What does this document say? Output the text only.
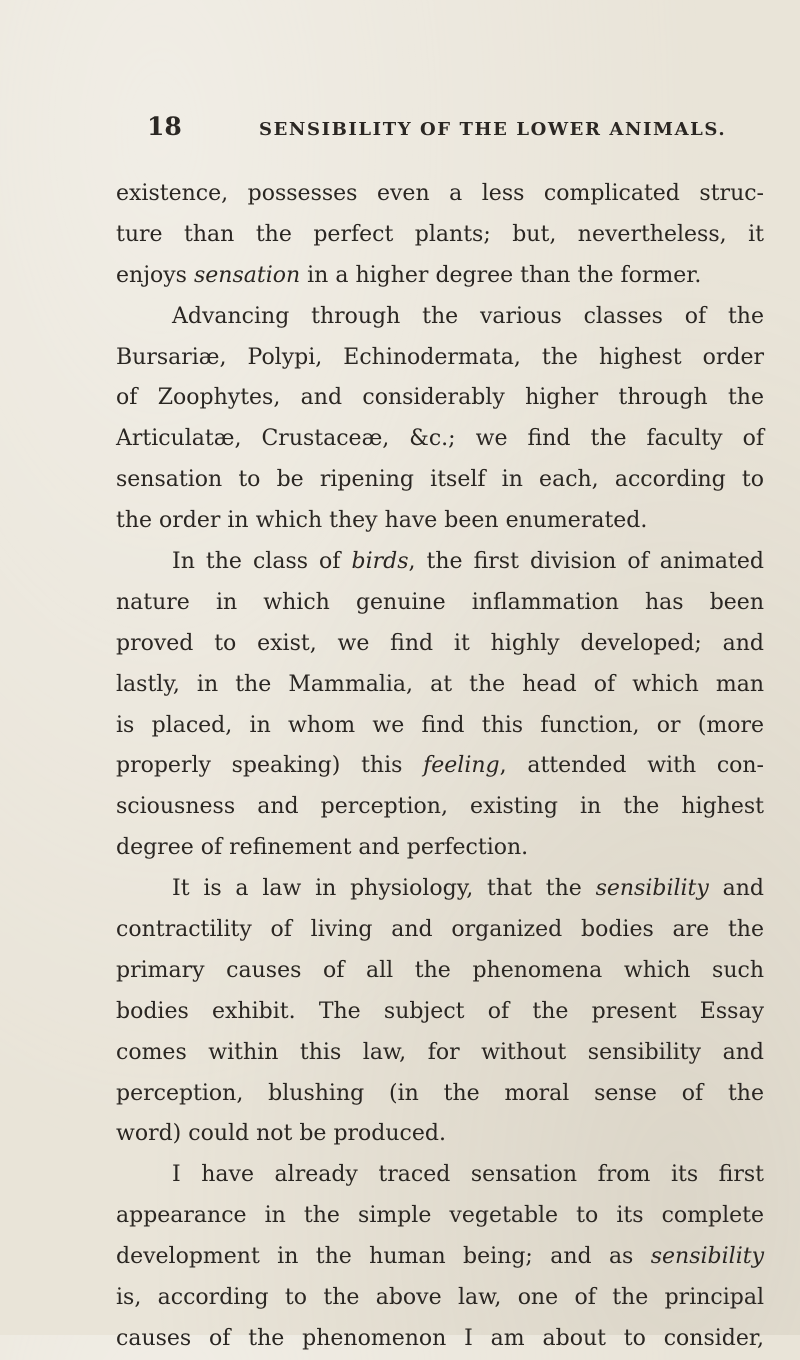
18	SENSIBILITY OF THE LOWER ANIMALS.
existence, possesses even a less complicated struc-
ture than the perfect plants; but, nevertheless, it
enjoys sensation in a higher degree than the former.
Advancing through the various classes of the
Bursariæ, Polypi, Echinodermata, the highest order
of Zoophytes, and considerably higher through the
Articulatæ, Crustaceæ, &c.; we find the faculty of
sensation to be ripening itself in each, according to
the order in which they have been enumerated.
In the class of birds, the first division of animated
nature in which genuine inflammation has been
proved to exist, we find it highly developed; and
lastly, in the Mammalia, at the head of which man
is placed, in whom we find this function, or (more
properly speaking) this feeling, attended with con-
sciousness and perception, existing in the highest
degree of refinement and perfection.
It is a law in physiology, that the sensibility and
contractility of living and organized bodies are the
primary causes of all the phenomena which such
bodies exhibit. The subject of the present Essay
comes within this law, for without sensibility and
perception, blushing (in the moral sense of the
word) could not be produced.
I have already traced sensation from its first
appearance in the simple vegetable to its complete
development in the human being; and as sensibility
is, according to the above law, one of the principal
causes of the phenomenon I am about to consider,
